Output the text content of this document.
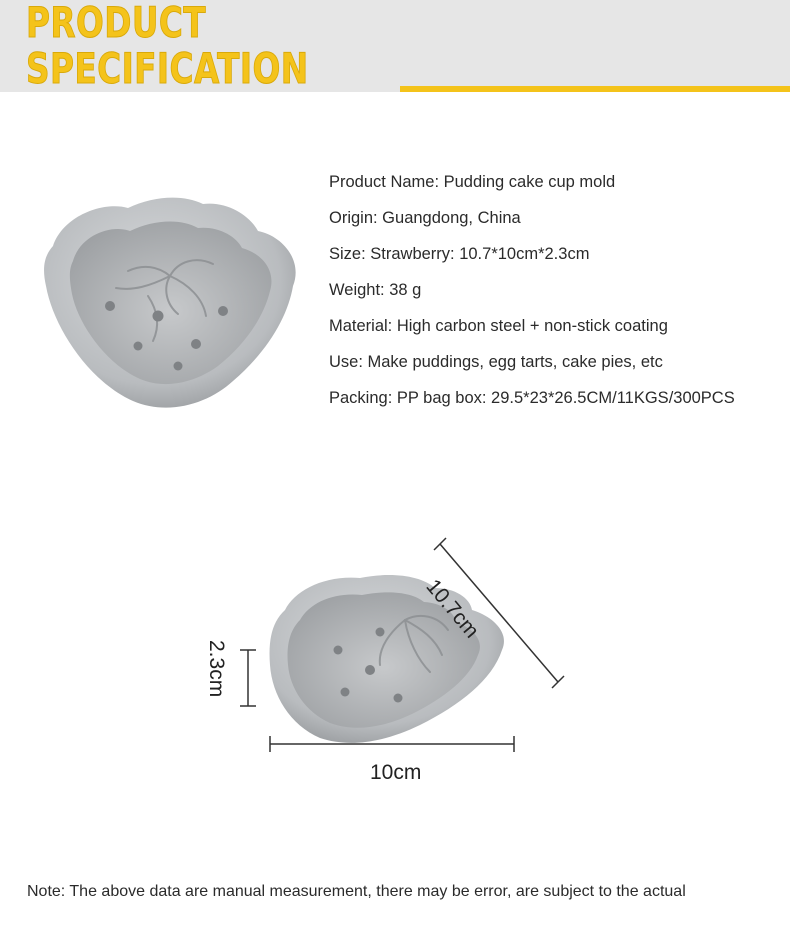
PRODUCT
SPECIFICATION
Product Name: Pudding cake cup mold
Origin: Guangdong, China
Size: Strawberry: 10.7*10cm*2.3cm
Weight: 38 g
Material: High carbon steel + non-stick coating
Use: Make puddings, egg tarts, cake pies, etc
Packing: PP bag box: 29.5*23*26.5CM/11KGS/300PCS
10.7cm
2.3cm
10cm
Note: The above data are manual measurement, there may be error, are subject to the actual
